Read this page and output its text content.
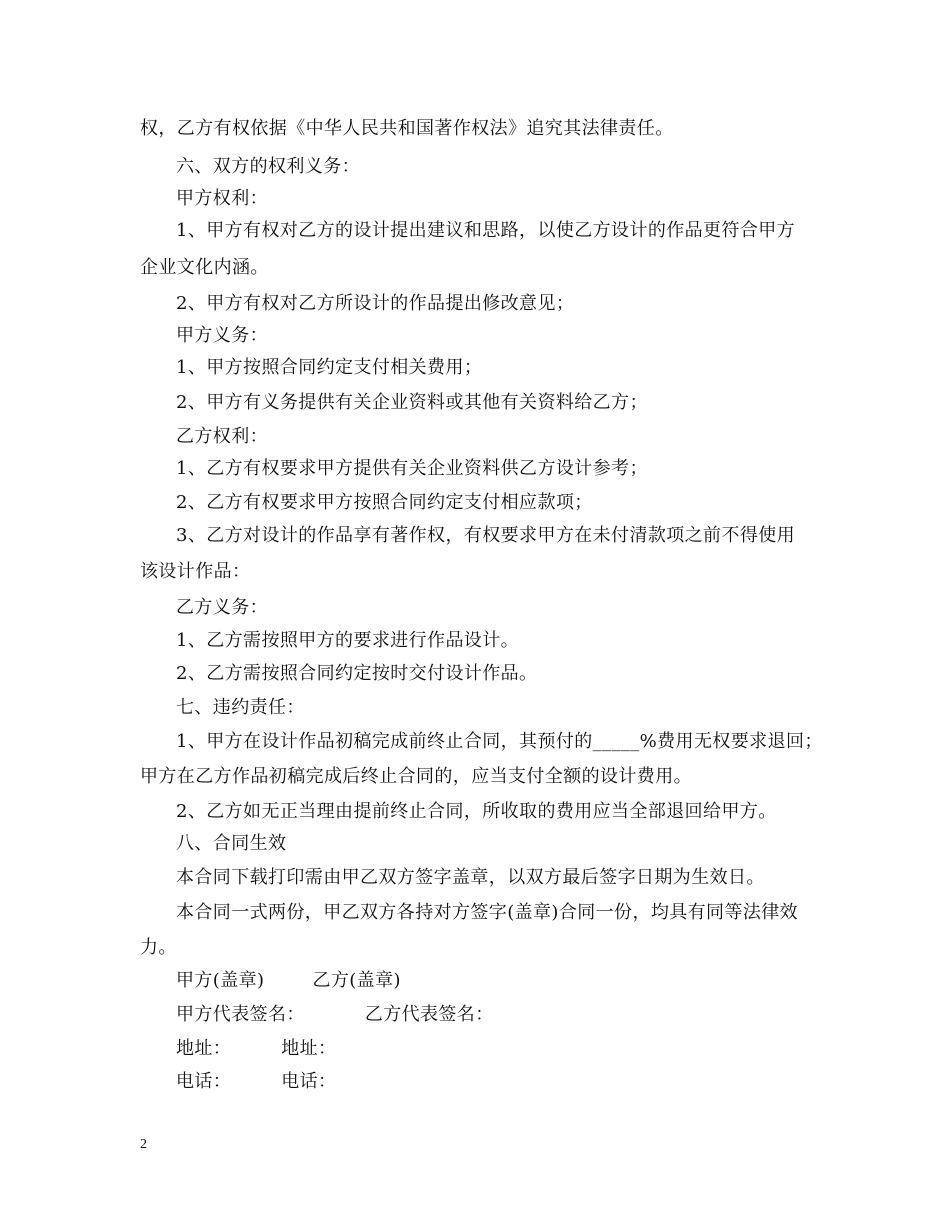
权，乙方有权依据《中华人民共和国著作权法》追究其法律责任。
六、双方的权利义务：
甲方权利：
1、甲方有权对乙方的设计提出建议和思路，以使乙方设计的作品更符合甲方
企业文化内涵。
2、甲方有权对乙方所设计的作品提出修改意见；
甲方义务：
1、甲方按照合同约定支付相关费用；
2、甲方有义务提供有关企业资料或其他有关资料给乙方；
乙方权利：
1、乙方有权要求甲方提供有关企业资料供乙方设计参考；
2、乙方有权要求甲方按照合同约定支付相应款项；
3、乙方对设计的作品享有著作权，有权要求甲方在未付清款项之前不得使用
该设计作品：
乙方义务：
1、乙方需按照甲方的要求进行作品设计。
2、乙方需按照合同约定按时交付设计作品。
七、违约责任：
1、甲方在设计作品初稿完成前终止合同，其预付的_____%费用无权要求退回；
甲方在乙方作品初稿完成后终止合同的，应当支付全额的设计费用。
2、乙方如无正当理由提前终止合同，所收取的费用应当全部退回给甲方。
八、合同生效
本合同下载打印需由甲乙双方签字盖章，以双方最后签字日期为生效日。
本合同一式两份，甲乙双方各持对方签字(盖章)合同一份，均具有同等法律效
力。
甲方(盖章)	乙方(盖章)
甲方代表签名：	乙方代表签名：
地址：	地址：
电话：	电话：
2
